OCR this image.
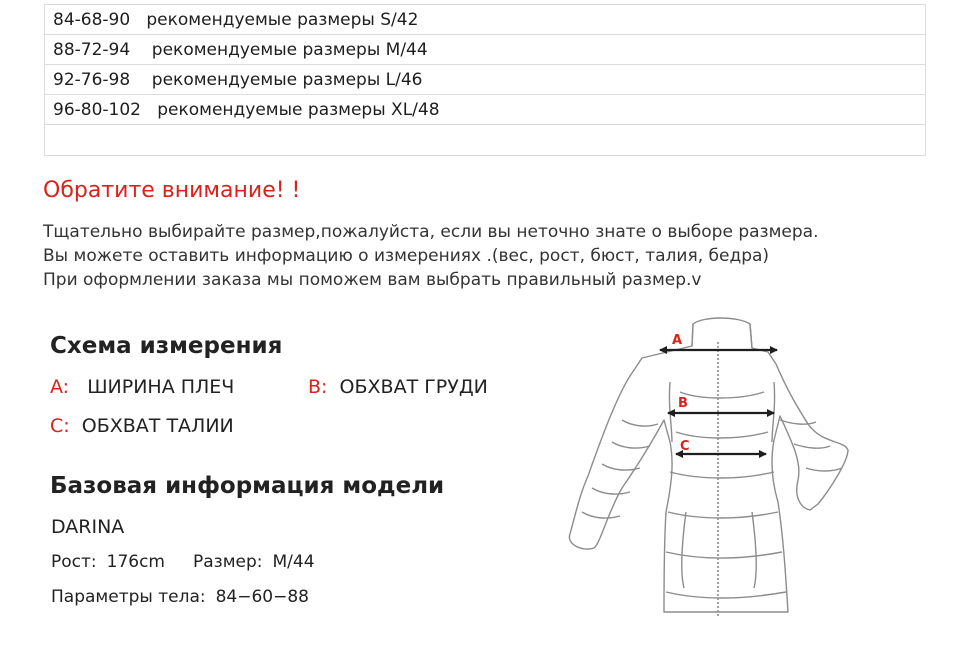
84-68-90 рекомендуемые размеры S/42
88-72-94 рекомендуемые размеры M/44
92-76-98 рекомендуемые размеры L/46
96-80-102 рекомендуемые размеры XL/48

Обратите внимание! !

Тщательно выбирайте размер,пожалуйста, если вы неточно знате о выборе размера.

Вы можете оставить информацию о измерениях .(вес, рост, бюст, талия, бедра)

При оформлении заказа мы поможем вам выбрать правильный размер.v

Схема измерения
A: ШИРИНА ПЛЕЧ	B: ОБХВАТ ГРУДИ
C: ОБХВАТ ТАЛИИ
Базовая информация модели
DARINA
Рост: 176cm Размер: M/44
Параметры тела: 84−60−88
A
B
C
